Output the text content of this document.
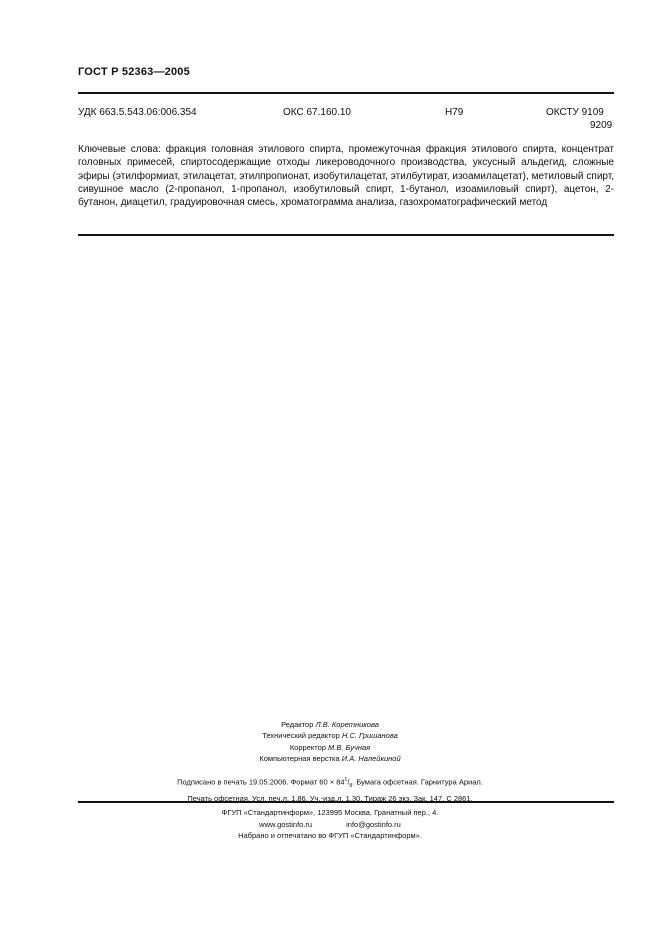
ГОСТ Р 52363—2005
УДК 663.5.543.06:006.354	ОКС 67.160.10	Н79	ОКСТУ 9109
9209
Ключевые слова: фракция головная этилового спирта, промежуточная фракция этилового спирта, концентрат головных примесей, спиртосодержащие отходы ликероводочного производства, уксусный альдегид, сложные эфиры (этилформиат, этилацетат, этилпропионат, изобутилацетат, этилбутират, изоамилацетат), метиловый спирт, сивушное масло (2-пропанол, 1-пропанол, изобутиловый спирт, 1-бутанол, изоамиловый спирт), ацетон, 2-бутанон, диацетил, градуировочная смесь, хроматограмма анализа, газохроматографический метод
Редактор Л.В. Коретникова
Технический редактор Н.С. Гришанова
Корректор М.В. Бучная
Компьютерная верстка И.А. Налейкиной
Подписано в печать 19.05.2006. Формат $60 \times 84^1/_8$. Бумага офсетная. Гарнитура Ариал.
Печать офсетная. Усл. печ.л. 1,86. Уч.-изд.л. 1,30. Тираж 26 экз. Зак. 147. С 2861.
ФГУП «Стандартинформ», 123995 Москва, Гранатный пер., 4.
www.gostinfo.ru	info@gostinfo.ru
Набрано и отпечатано во ФГУП «Стандартинформ».
